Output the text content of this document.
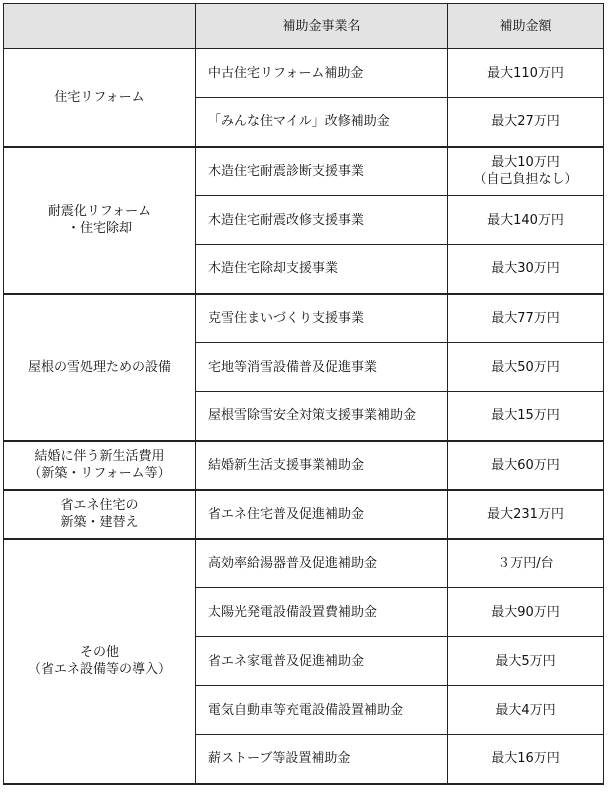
	補助金事業名	補助金額

住宅リフォーム	中古住宅リフォーム補助金	最大110万円

	「みんな住マイル」改修補助金	最大27万円

耐震化リフォーム
・住宅除却	木造住宅耐震診断支援事業	最大10万円
（自己負担なし）

	木造住宅耐震改修支援事業	最大140万円

	木造住宅除却支援事業	最大30万円

屋根の雪処理ための設備	克雪住まいづくり支援事業	最大77万円

	宅地等消雪設備普及促進事業	最大50万円

	屋根雪除雪安全対策支援事業補助金	最大15万円

結婚に伴う新生活費用
（新築・リフォーム等）	結婚新生活支援事業補助金	最大60万円

省エネ住宅の
新築・建替え	省エネ住宅普及促進補助金	最大231万円

その他
（省エネ設備等の導入）	高効率給湯器普及促進補助金	３万円/台

	太陽光発電設備設置費補助金	最大90万円

	省エネ家電普及促進補助金	最大5万円

	電気自動車等充電設備設置補助金	最大4万円

	薪ストーブ等設置補助金	最大16万円
